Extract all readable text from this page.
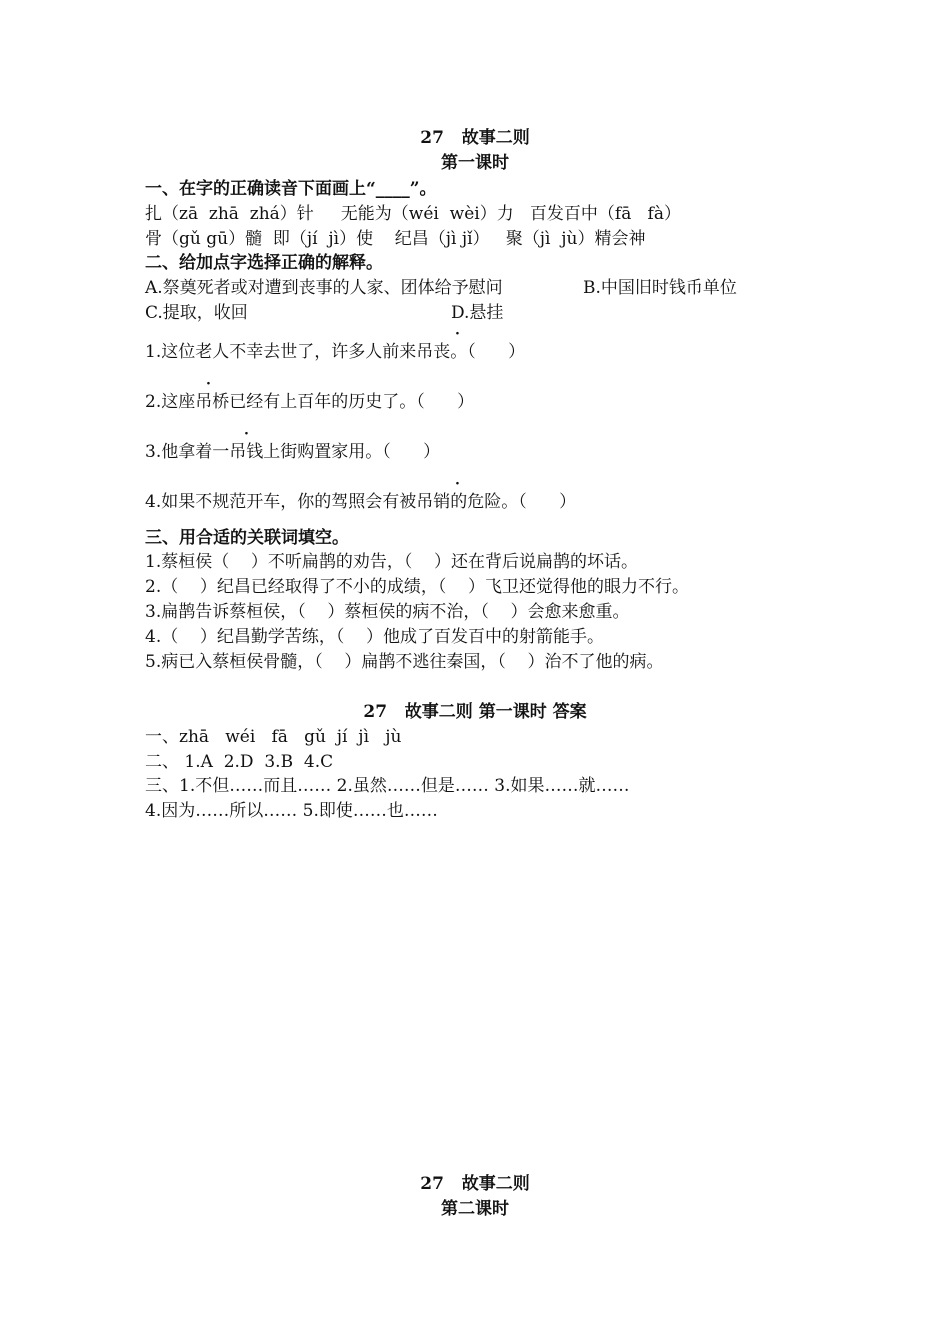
27   故事二则
第一课时
一、在字的正确读音下面画上“____”。
扎（zā  zhā  zhá）针     无能为（wéi  wèi）力   百发百中（fā   fà）
骨（gǔ gū）髓  即（jí  jì）使    纪昌（jì jǐ）   聚（jì  jù）精会神
二、给加点字选择正确的解释。
A.祭奠死者或对遭到丧事的人家、团体给予慰问	B.中国旧时钱币单位
C.提取，收回	D.悬挂
·
1.这位老人不幸去世了，许多人前来吊丧。（      ）
·
2.这座吊桥已经有上百年的历史了。（      ）
·
3.他拿着一吊钱上街购置家用。（      ）
·
4.如果不规范开车，你的驾照会有被吊销的危险。（      ）
三、用合适的关联词填空。
1.蔡桓侯（    ）不听扁鹊的劝告，（    ）还在背后说扁鹊的坏话。
2.（    ）纪昌已经取得了不小的成绩，（    ）飞卫还觉得他的眼力不行。
3.扁鹊告诉蔡桓侯，（    ）蔡桓侯的病不治，（    ）会愈来愈重。
4.（    ）纪昌勤学苦练，（    ）他成了百发百中的射箭能手。
5.病已入蔡桓侯骨髓，（    ）扁鹊不逃往秦国，（    ）治不了他的病。
27   故事二则 第一课时 答案
一、zhā   wéi   fā   gǔ  jí  jì   jù
二、 1.A  2.D  3.B  4.C
三、1.不但……而且…… 2.虽然……但是…… 3.如果……就……
4.因为……所以…… 5.即使……也……
27   故事二则
第二课时
